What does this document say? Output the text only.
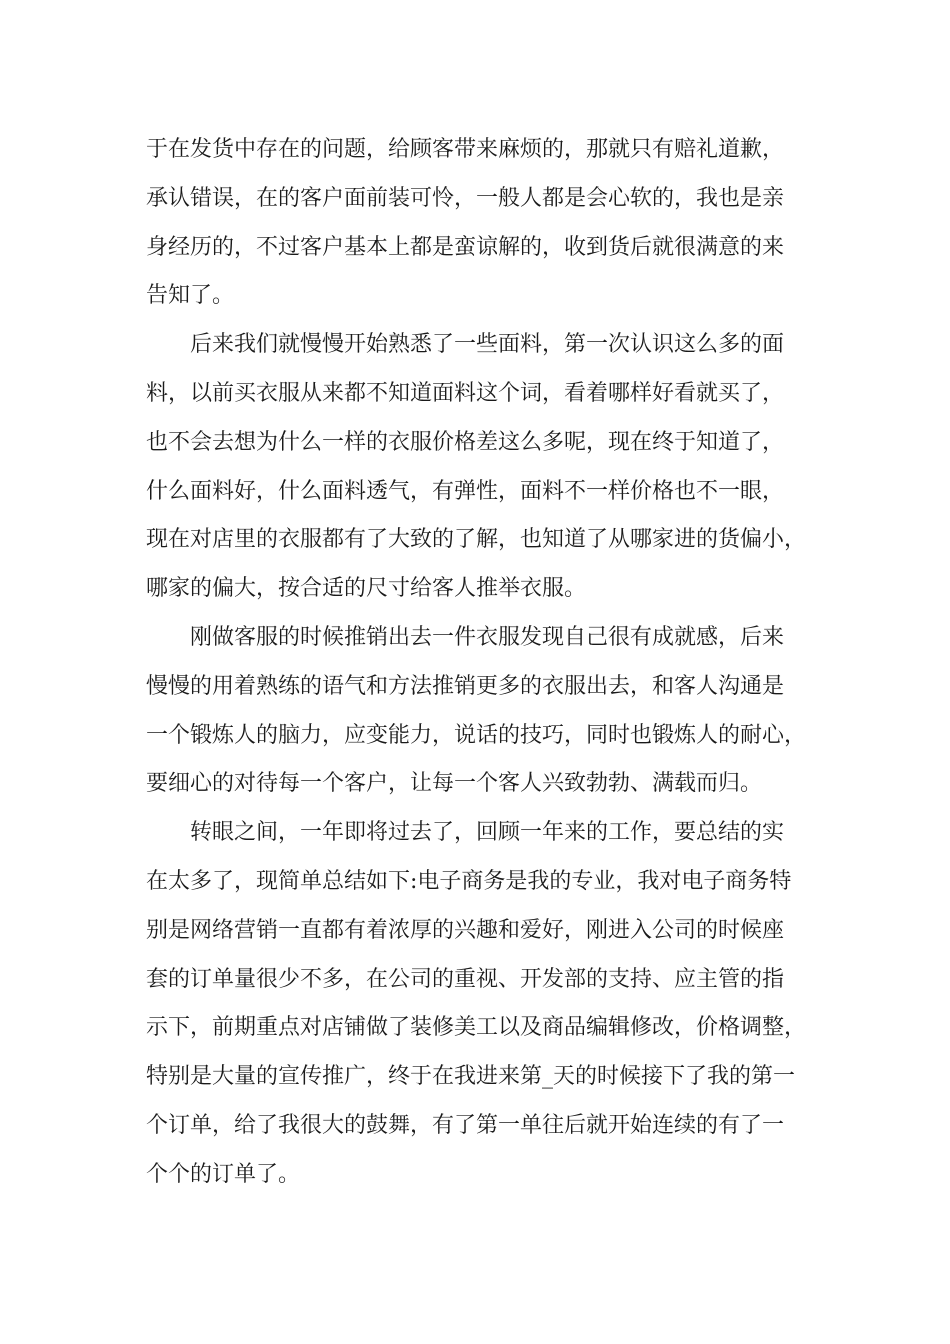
于在发货中存在的问题，给顾客带来麻烦的，那就只有赔礼道歉，
承认错误，在的客户面前装可怜，一般人都是会心软的，我也是亲
身经历的，不过客户基本上都是蛮谅解的，收到货后就很满意的来
告知了。
后来我们就慢慢开始熟悉了一些面料，第一次认识这么多的面
料，以前买衣服从来都不知道面料这个词，看着哪样好看就买了，
也不会去想为什么一样的衣服价格差这么多呢，现在终于知道了，
什么面料好，什么面料透气，有弹性，面料不一样价格也不一眼，
现在对店里的衣服都有了大致的了解，也知道了从哪家进的货偏小，
哪家的偏大，按合适的尺寸给客人推举衣服。
刚做客服的时候推销出去一件衣服发现自己很有成就感，后来
慢慢的用着熟练的语气和方法推销更多的衣服出去，和客人沟通是
一个锻炼人的脑力，应变能力，说话的技巧，同时也锻炼人的耐心，
要细心的对待每一个客户，让每一个客人兴致勃勃、满载而归。
转眼之间，一年即将过去了，回顾一年来的工作，要总结的实
在太多了，现简单总结如下:电子商务是我的专业，我对电子商务特
别是网络营销一直都有着浓厚的兴趣和爱好，刚进入公司的时候座
套的订单量很少不多，在公司的重视、开发部的支持、应主管的指
示下，前期重点对店铺做了装修美工以及商品编辑修改，价格调整，
特别是大量的宣传推广，终于在我进来第_天的时候接下了我的第一
个订单，给了我很大的鼓舞，有了第一单往后就开始连续的有了一
个个的订单了。
